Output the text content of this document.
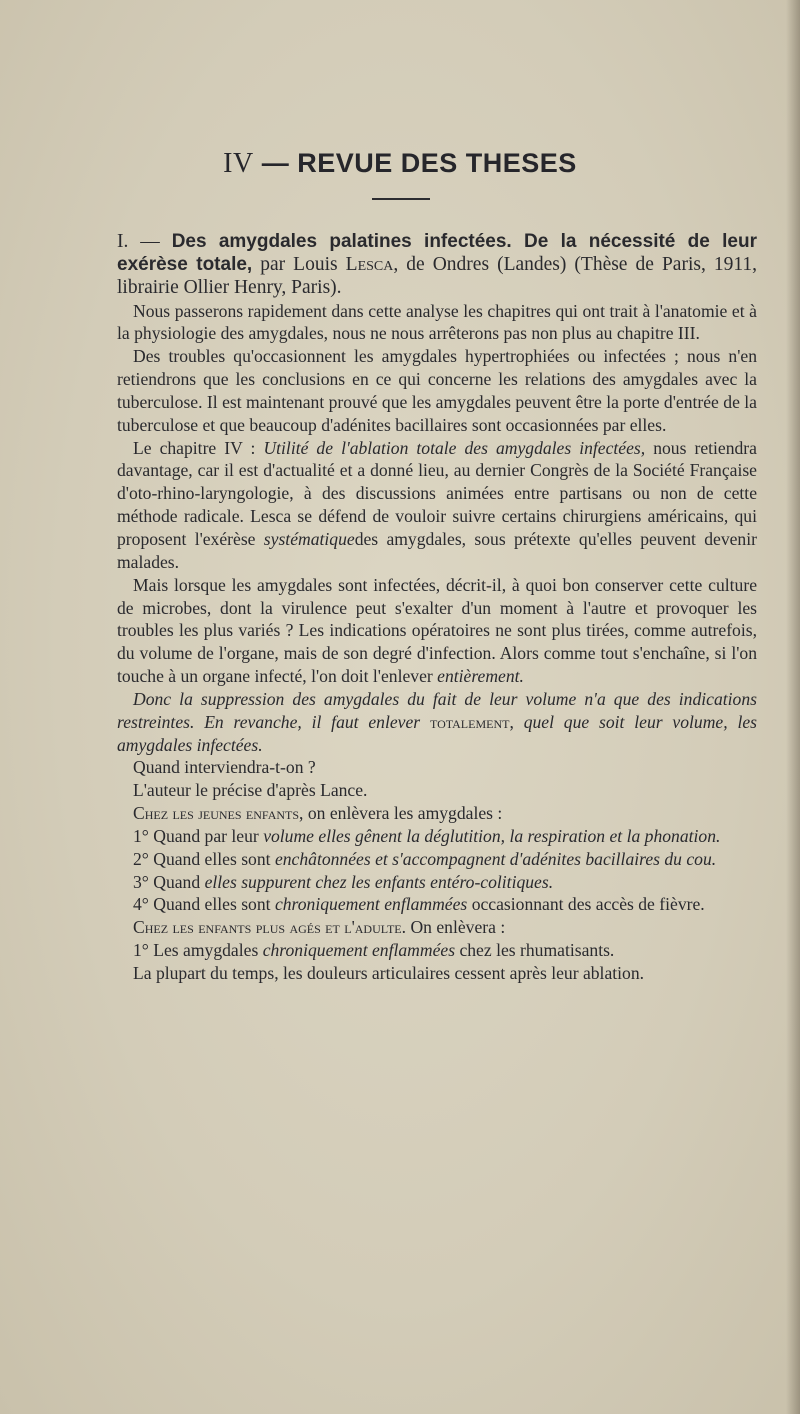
IV — REVUE DES THESES

I. — Des amygdales palatines infectées. De la nécessité de leur exérèse totale, par Louis Lesca, de Ondres (Landes) (Thèse de Paris, 1911, librairie Ollier Henry, Paris).

Nous passerons rapidement dans cette analyse les chapitres qui ont trait à l'anatomie et à la physiologie des amygdales, nous ne nous arrêterons pas non plus au chapitre III.

Des troubles qu'occasionnent les amygdales hypertrophiées ou infectées ; nous n'en retiendrons que les conclusions en ce qui concerne les relations des amygdales avec la tuberculose. Il est maintenant prouvé que les amygdales peuvent être la porte d'entrée de la tuberculose et que beaucoup d'adénites bacillaires sont occasionnées par elles.

Le chapitre IV : Utilité de l'ablation totale des amygdales infectées, nous retiendra davantage, car il est d'actualité et a donné lieu, au dernier Congrès de la Société Française d'oto-rhino-laryngologie, à des discussions animées entre partisans ou non de cette méthode radicale. Lesca se défend de vouloir suivre certains chirurgiens américains, qui proposent l'exérèse systématiquedes amygdales, sous prétexte qu'elles peuvent devenir malades.

Mais lorsque les amygdales sont infectées, décrit-il, à quoi bon conserver cette culture de microbes, dont la virulence peut s'exalter d'un moment à l'autre et provoquer les troubles les plus variés ? Les indications opératoires ne sont plus tirées, comme autrefois, du volume de l'organe, mais de son degré d'infection. Alors comme tout s'enchaîne, si l'on touche à un organe infecté, l'on doit l'enlever entièrement.

Donc la suppression des amygdales du fait de leur volume n'a que des indications restreintes. En revanche, il faut enlever totalement, quel que soit leur volume, les amygdales infectées.

Quand interviendra-t-on ?

L'auteur le précise d'après Lance.

Chez les jeunes enfants, on enlèvera les amygdales :

1° Quand par leur volume elles gênent la déglutition, la respiration et la phonation.

2° Quand elles sont enchâtonnées et s'accompagnent d'adénites bacillaires du cou.

3° Quand elles suppurent chez les enfants entéro-colitiques.

4° Quand elles sont chroniquement enflammées occasionnant des accès de fièvre.

Chez les enfants plus agés et l'adulte. On enlèvera :

1° Les amygdales chroniquement enflammées chez les rhumatisants.

La plupart du temps, les douleurs articulaires cessent après leur ablation.
